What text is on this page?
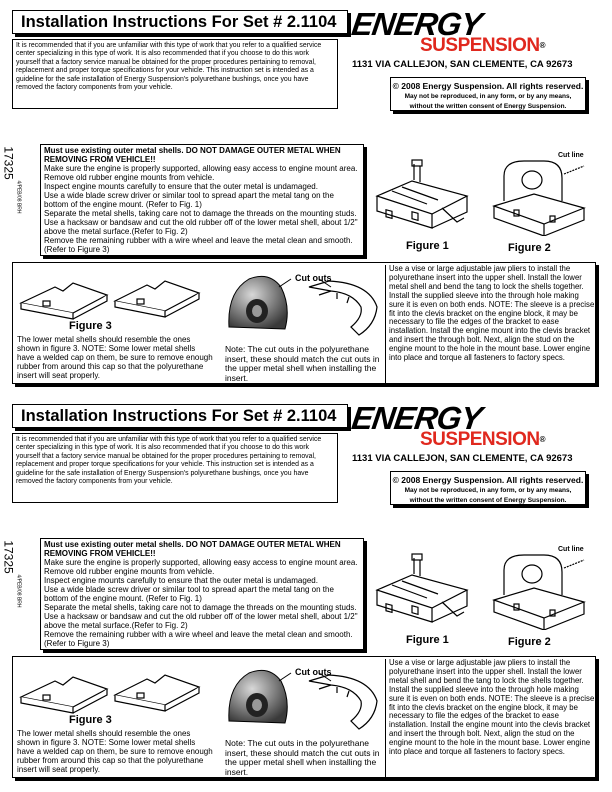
Installation Instructions For Set # 2.1104 ENERGY
SUSPENSION®
1131 VIA CALLEJON, SAN CLEMENTE, CA 92673
© 2008 Energy Suspension. All rights reserved.
May not be reproduced, in any form, or by any means,
without the written consent of Energy Suspension.
It is recommended that if you are unfamiliar with this type of work that you refer to a qualified service center specializing in this type of work. It is also recommended that if you choose to do this work yourself that a factory service manual be obtained for the proper procedures pertaining to removal, replacement and proper torque specifications for your vehicle. This instruction set is intended as a guideline for the safe installation of Energy Suspension's polyurethane bushings, once you have removed the factory components from your vehicle.
17325
4/PEB/08 BRH
Must use existing outer metal shells. DO NOT DAMAGE OUTER METAL WHEN REMOVING FROM VEHICLE!!
Make sure the engine is properly supported, allowing easy access to engine mount area.
Remove old rubber engine mounts from vehicle.
Inspect engine mounts carefully to ensure that the outer metal is undamaged.
Use a wide blade screw driver or similar tool to spread apart the metal tang on the bottom of the engine mount. (Refer to Fig. 1)
Separate the metal shells, taking care not to damage the threads on the mounting studs.
Use a hacksaw or bandsaw and cut the old rubber off of the lower metal shell, about 1/2" above the metal surface.(Refer to Fig. 2)
Remove the remaining rubber with a wire wheel and leave the metal clean and smooth. (Refer to Figure 3)	Figure 1
Cut line
Figure 2
Figure 3
The lower metal shells should resemble the ones shown in figure 3. NOTE: Some lower metal shells have a welded cap on them, be sure to remove enough rubber from around this cap so that the polyurethane insert will seat properly.
Cut outs
Note: The cut outs in the polyurethane insert, these should match the cut outs in the upper metal shell when installing the insert.
Use a vise or large adjustable jaw pliers to install the polyurethane insert into the upper shell. Install the lower metal shell and bend the tang to lock the shells together. Install the supplied sleeve into the through hole making sure it is even on both ends. NOTE: The sleeve is a precise fit into the clevis bracket on the engine block, it may be necessary to file the edges of the bracket to ease installation. Install the engine mount into the clevis bracket and insert the through bolt. Next, align the stud on the engine mount to the hole in the mount base. Lower engine into place and torque all fasteners to factory specs.
Installation Instructions For Set # 2.1104 ENERGY
SUSPENSION®
1131 VIA CALLEJON, SAN CLEMENTE, CA 92673
© 2008 Energy Suspension. All rights reserved.
May not be reproduced, in any form, or by any means,
without the written consent of Energy Suspension.
It is recommended that if you are unfamiliar with this type of work that you refer to a qualified service center specializing in this type of work. It is also recommended that if you choose to do this work yourself that a factory service manual be obtained for the proper procedures pertaining to removal, replacement and proper torque specifications for your vehicle. This instruction set is intended as a guideline for the safe installation of Energy Suspension's polyurethane bushings, once you have removed the factory components from your vehicle.
17325
4/PEB/08 BRH
Must use existing outer metal shells. DO NOT DAMAGE OUTER METAL WHEN REMOVING FROM VEHICLE!!
Make sure the engine is properly supported, allowing easy access to engine mount area.
Remove old rubber engine mounts from vehicle.
Inspect engine mounts carefully to ensure that the outer metal is undamaged.
Use a wide blade screw driver or similar tool to spread apart the metal tang on the bottom of the engine mount. (Refer to Fig. 1)
Separate the metal shells, taking care not to damage the threads on the mounting studs.
Use a hacksaw or bandsaw and cut the old rubber off of the lower metal shell, about 1/2" above the metal surface.(Refer to Fig. 2)
Remove the remaining rubber with a wire wheel and leave the metal clean and smooth. (Refer to Figure 3)	Figure 1
Cut line
Figure 2
Figure 3
The lower metal shells should resemble the ones shown in figure 3. NOTE: Some lower metal shells have a welded cap on them, be sure to remove enough rubber from around this cap so that the polyurethane insert will seat properly.
Cut outs
Note: The cut outs in the polyurethane insert, these should match the cut outs in the upper metal shell when installing the insert.
Use a vise or large adjustable jaw pliers to install the polyurethane insert into the upper shell. Install the lower metal shell and bend the tang to lock the shells together. Install the supplied sleeve into the through hole making sure it is even on both ends. NOTE: The sleeve is a precise fit into the clevis bracket on the engine block, it may be necessary to file the edges of the bracket to ease installation. Install the engine mount into the clevis bracket and insert the through bolt. Next, align the stud on the engine mount to the hole in the mount base. Lower engine into place and torque all fasteners to factory specs.
